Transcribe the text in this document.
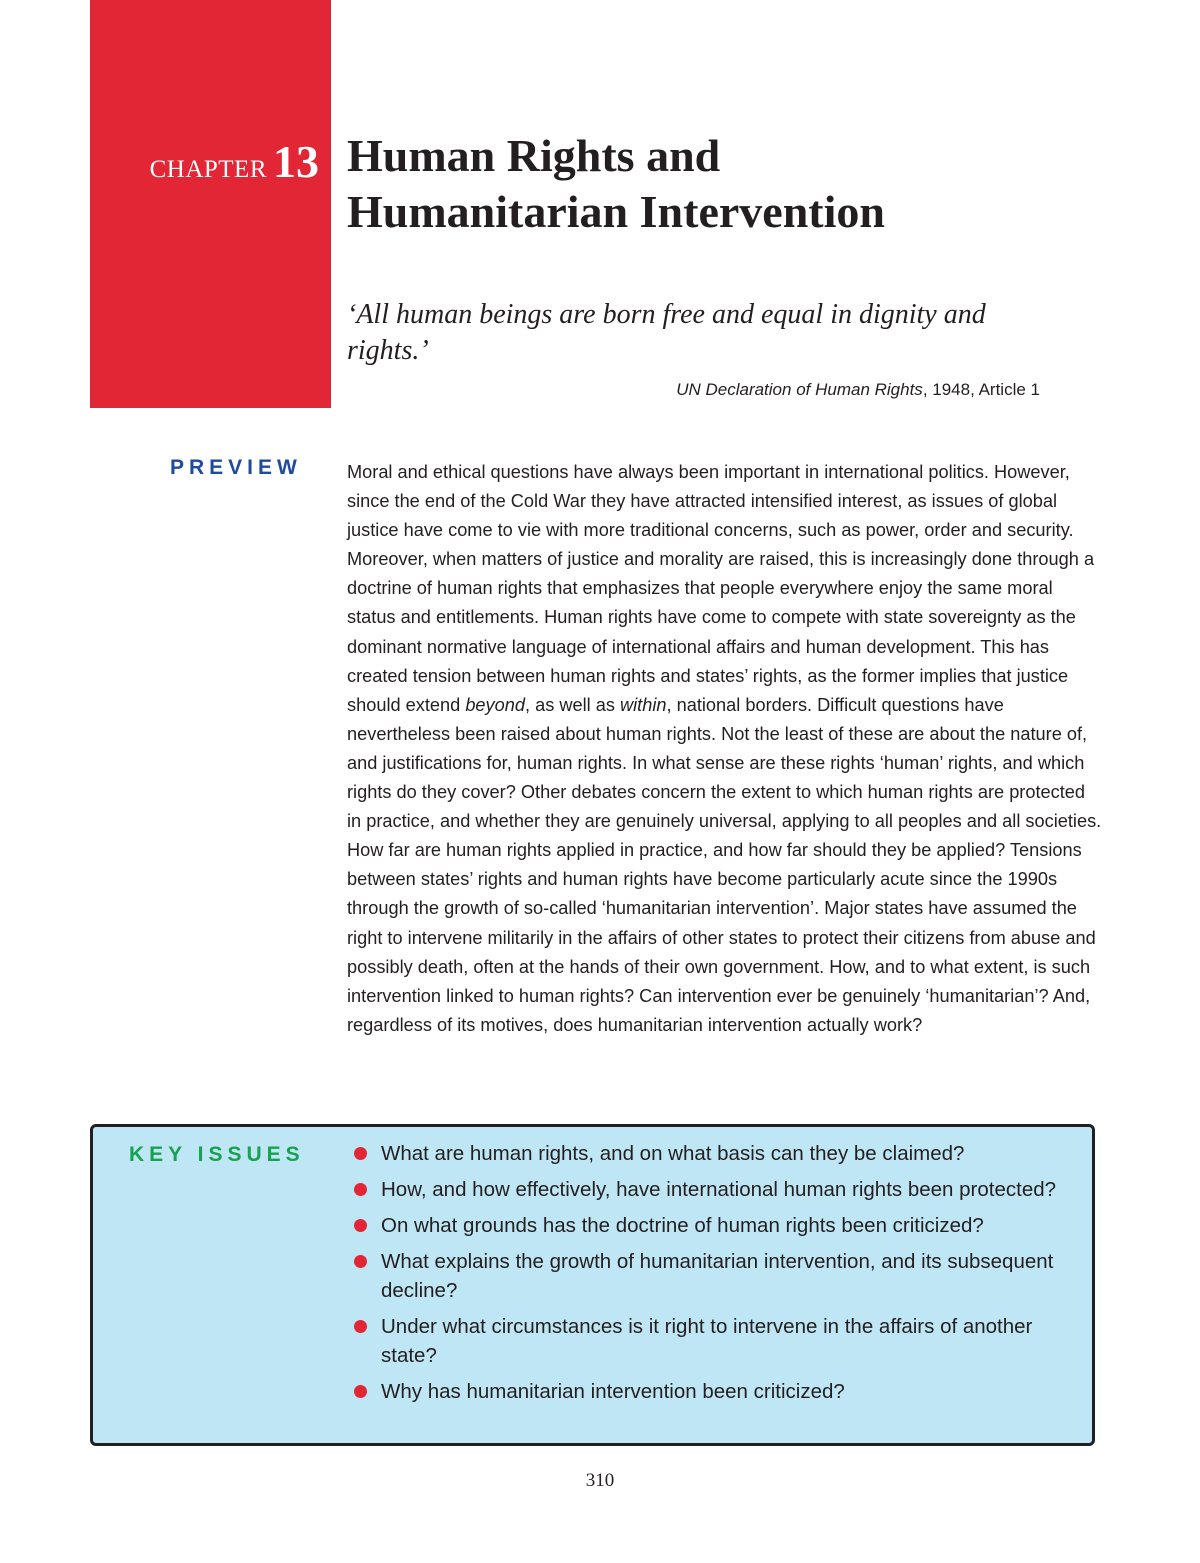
CHAPTER 13 Human Rights and
Humanitarian Intervention

‘All human beings are born free and equal in dignity and rights.’

UN Declaration of Human Rights, 1948, Article 1
PREVIEW Moral and ethical questions have always been important in international politics. However, since the end of the Cold War they have attracted intensified interest, as issues of global justice have come to vie with more traditional concerns, such as power, order and security. Moreover, when matters of justice and morality are raised, this is increasingly done through a doctrine of human rights that emphasizes that people everywhere enjoy the same moral status and entitlements. Human rights have come to compete with state sovereignty as the dominant normative language of international affairs and human development. This has created tension between human rights and states’ rights, as the former implies that justice should extend beyond, as well as within, national borders. Difficult questions have nevertheless been raised about human rights. Not the least of these are about the nature of, and justifications for, human rights. In what sense are these rights ‘human’ rights, and which rights do they cover? Other debates concern the extent to which human rights are protected in practice, and whether they are genuinely universal, applying to all peoples and all societies. How far are human rights applied in practice, and how far should they be applied? Tensions between states’ rights and human rights have become particularly acute since the 1990s through the growth of so-called ‘humanitarian intervention’. Major states have assumed the right to intervene militarily in the affairs of other states to protect their citizens from abuse and possibly death, often at the hands of their own government. How, and to what extent, is such intervention linked to human rights? Can intervention ever be genuinely ‘humanitarian’? And, regardless of its motives, does humanitarian intervention actually work?

KEY ISSUES	What are human rights, and on what basis can they be claimed?
How, and how effectively, have international human rights been protected?
On what grounds has the doctrine of human rights been criticized?
What explains the growth of humanitarian intervention, and its subsequent decline?
Under what circumstances is it right to intervene in the affairs of another state?
Why has humanitarian intervention been criticized?
310
